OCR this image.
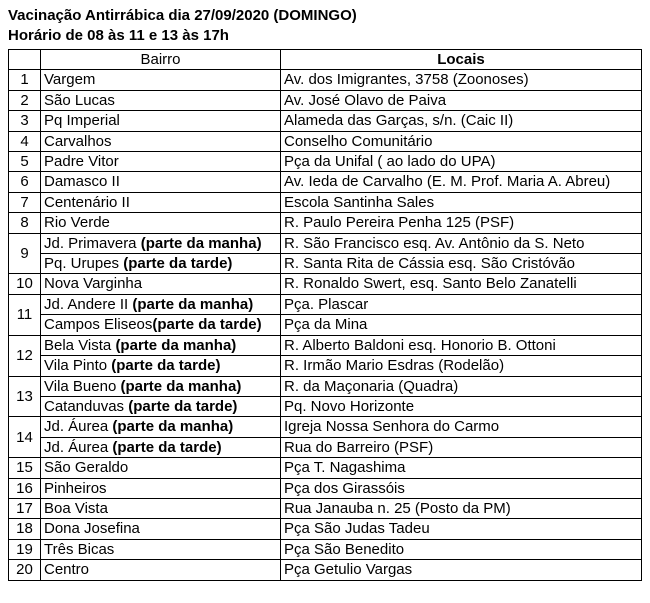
Vacinação Antirrábica dia 27/09/2020 (DOMINGO)

Horário de 08 às 11 e 13 às 17h

	Bairro	Locais
1	Vargem	Av. dos Imigrantes, 3758 (Zoonoses)
2	São Lucas	Av. José Olavo de Paiva
3	Pq Imperial	Alameda das Garças, s/n. (Caic II)
4	Carvalhos	Conselho Comunitário
5	Padre Vitor	Pça da Unifal ( ao lado do UPA)
6	Damasco II	Av. Ieda de Carvalho (E. M. Prof. Maria A. Abreu)
7	Centenário II	Escola Santinha Sales
8	Rio Verde	R. Paulo Pereira Penha 125 (PSF)
9	Jd. Primavera (parte da manha)	R. São Francisco esq. Av. Antônio da S. Neto
	Pq. Urupes (parte da tarde)	R. Santa Rita de Cássia esq. São Cristóvão
10	Nova Varginha	R. Ronaldo Swert, esq. Santo Belo Zanatelli
11	Jd. Andere II (parte da manha)	Pça. Plascar
	Campos Eliseos(parte da tarde)	Pça da Mina
12	Bela Vista (parte da manha)	R. Alberto Baldoni esq. Honorio B. Ottoni
	Vila Pinto (parte da tarde)	R. Irmão Mario Esdras (Rodelão)
13	Vila Bueno (parte da manha)	R. da Maçonaria (Quadra)
	Catanduvas (parte da tarde)	Pq. Novo Horizonte
14	Jd. Áurea (parte da manha)	Igreja Nossa Senhora do Carmo
	Jd. Áurea (parte da tarde)	Rua do Barreiro (PSF)
15	São Geraldo	Pça T. Nagashima
16	Pinheiros	Pça dos Girassóis
17	Boa Vista	Rua Janauba n. 25 (Posto da PM)
18	Dona Josefina	Pça São Judas Tadeu
19	Três Bicas	Pça São Benedito
20	Centro	Pça Getulio Vargas
